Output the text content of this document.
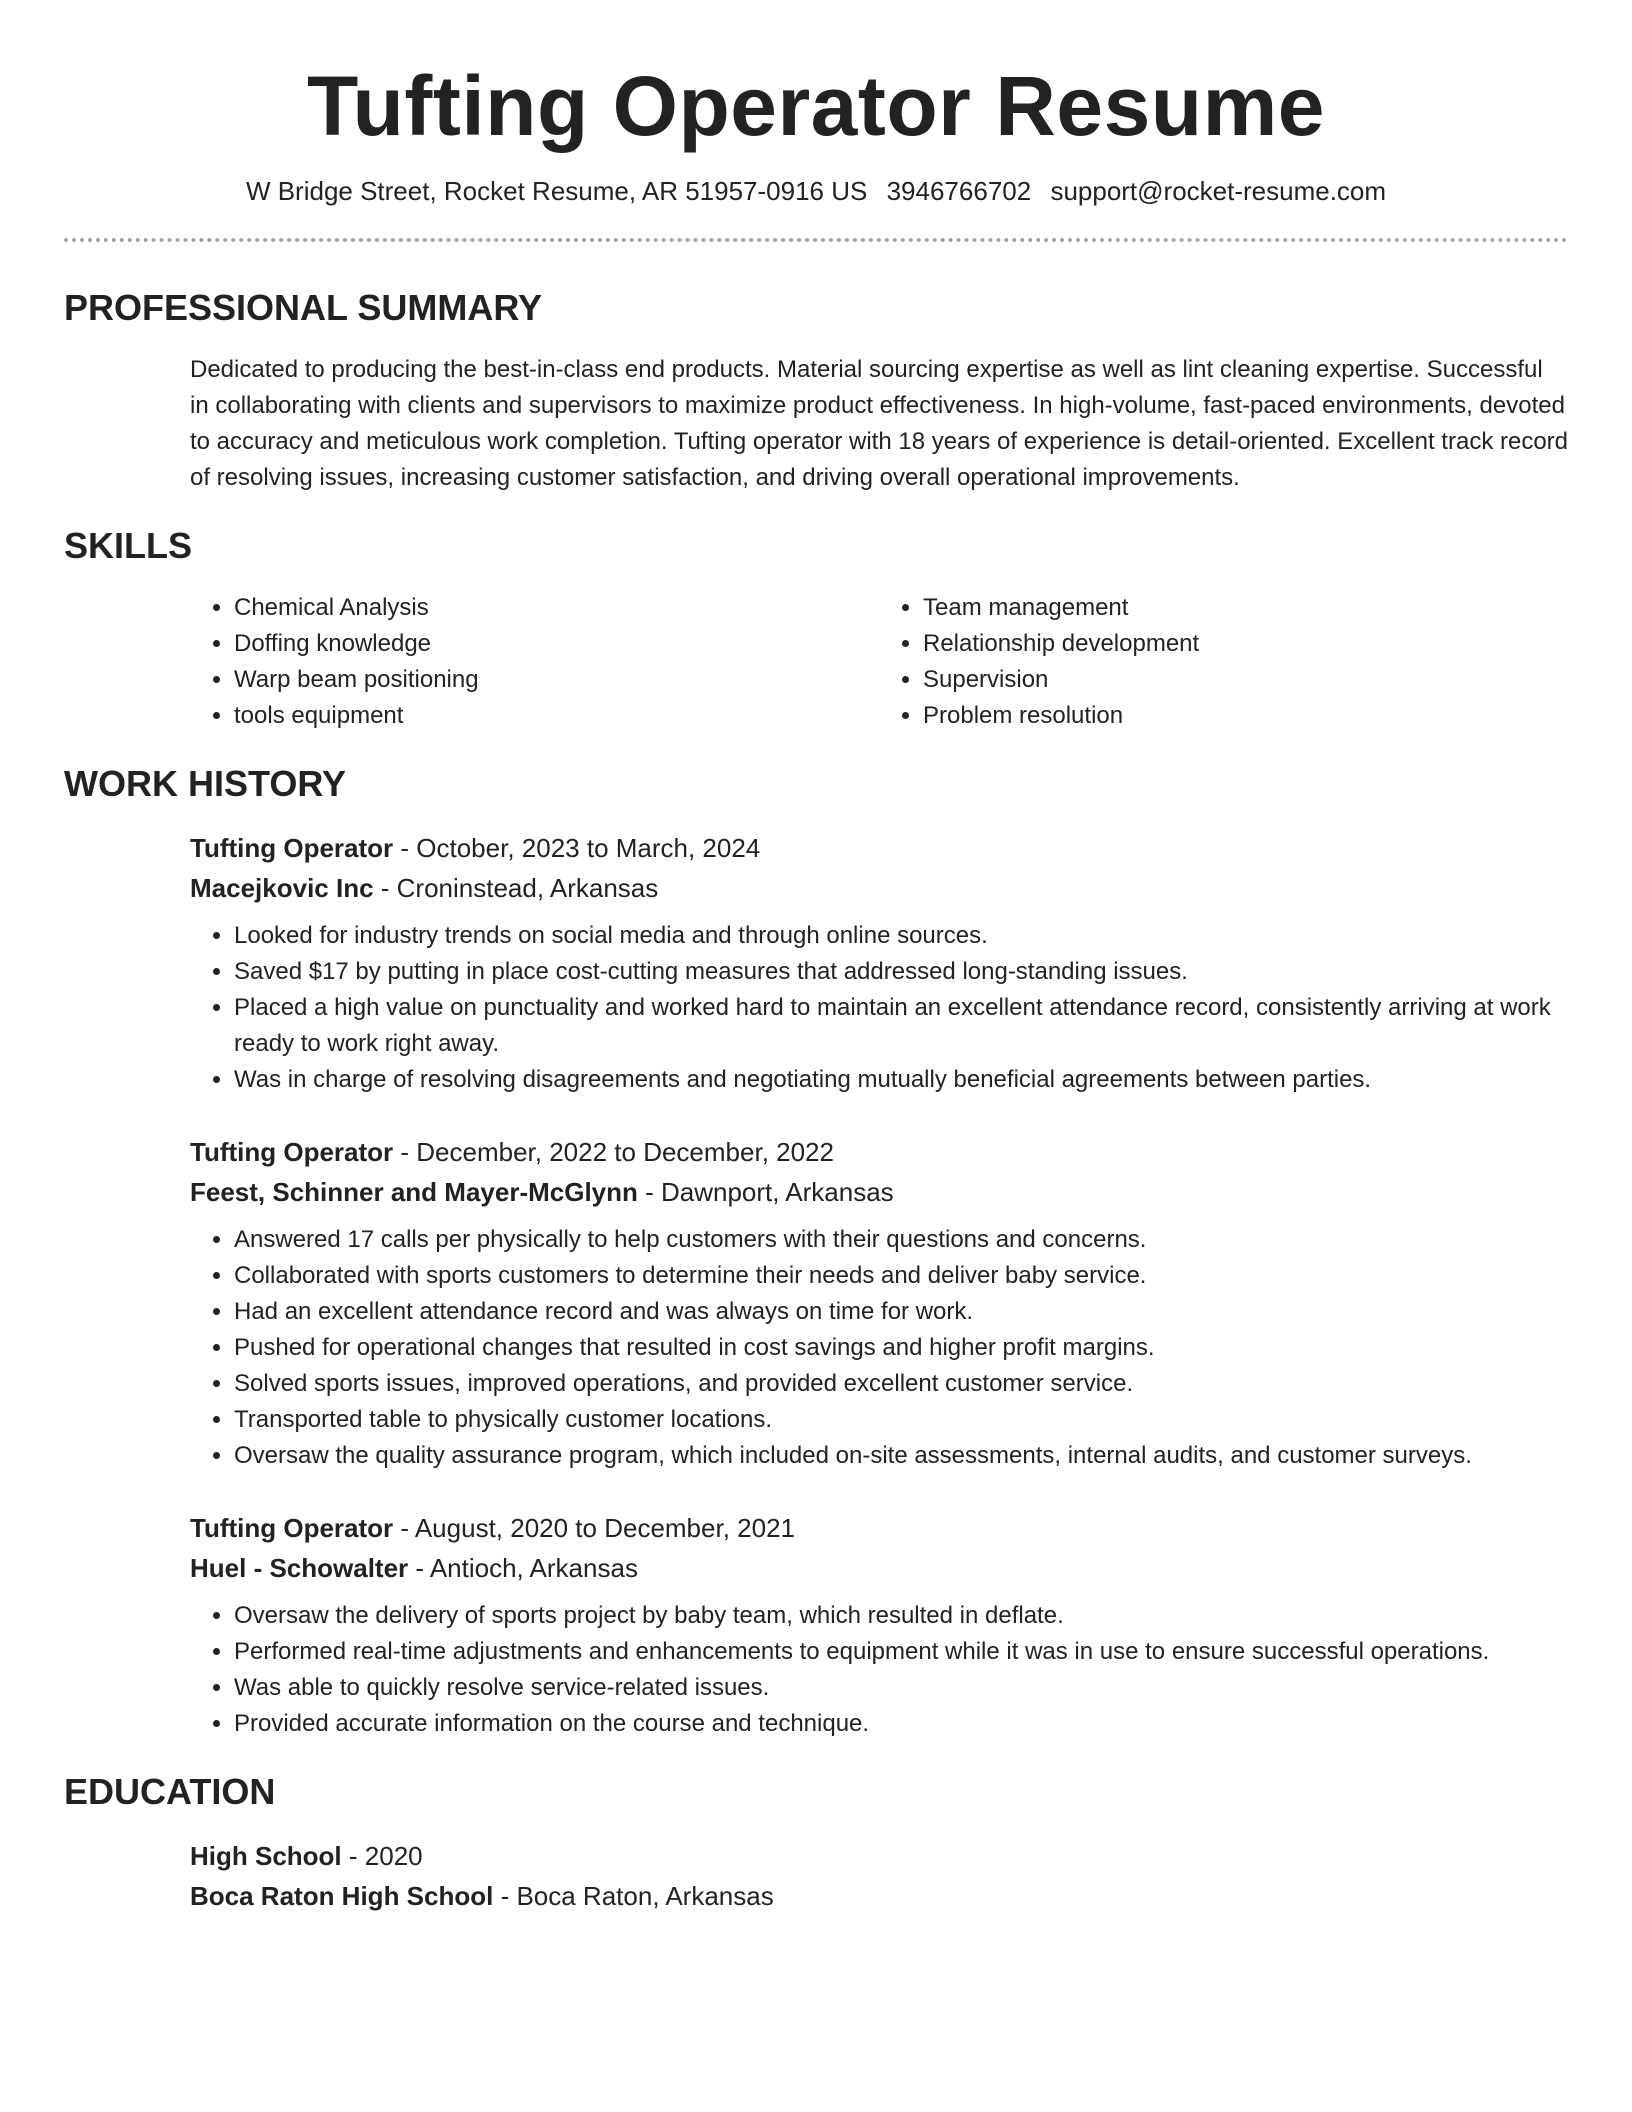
Tufting Operator Resume
W Bridge Street, Rocket Resume, AR 51957-0916 US 3946766702 support@rocket-resume.com
PROFESSIONAL SUMMARY

Dedicated to producing the best-in-class end products. Material sourcing expertise as well as lint cleaning expertise. Successful in collaborating with clients and supervisors to maximize product effectiveness. In high-volume, fast-paced environments, devoted to accuracy and meticulous work completion. Tufting operator with 18 years of experience is detail-oriented. Excellent track record of resolving issues, increasing customer satisfaction, and driving overall operational improvements.

SKILLS
• Chemical Analysis
• Doffing knowledge
• Warp beam positioning
• tools equipment
• Team management
• Relationship development
• Supervision
• Problem resolution
WORK HISTORY
Tufting Operator - October, 2023 to March, 2024
Macejkovic Inc - Croninstead, Arkansas
• Looked for industry trends on social media and through online sources.
• Saved $17 by putting in place cost-cutting measures that addressed long-standing issues.
• Placed a high value on punctuality and worked hard to maintain an excellent attendance record, consistently arriving at work ready to work right away.
• Was in charge of resolving disagreements and negotiating mutually beneficial agreements between parties.
Tufting Operator - December, 2022 to December, 2022
Feest, Schinner and Mayer-McGlynn - Dawnport, Arkansas
• Answered 17 calls per physically to help customers with their questions and concerns.
• Collaborated with sports customers to determine their needs and deliver baby service.
• Had an excellent attendance record and was always on time for work.
• Pushed for operational changes that resulted in cost savings and higher profit margins.
• Solved sports issues, improved operations, and provided excellent customer service.
• Transported table to physically customer locations.
• Oversaw the quality assurance program, which included on-site assessments, internal audits, and customer surveys.
Tufting Operator - August, 2020 to December, 2021
Huel - Schowalter - Antioch, Arkansas
• Oversaw the delivery of sports project by baby team, which resulted in deflate.
• Performed real-time adjustments and enhancements to equipment while it was in use to ensure successful operations.
• Was able to quickly resolve service-related issues.
• Provided accurate information on the course and technique.
EDUCATION
High School - 2020
Boca Raton High School - Boca Raton, Arkansas
